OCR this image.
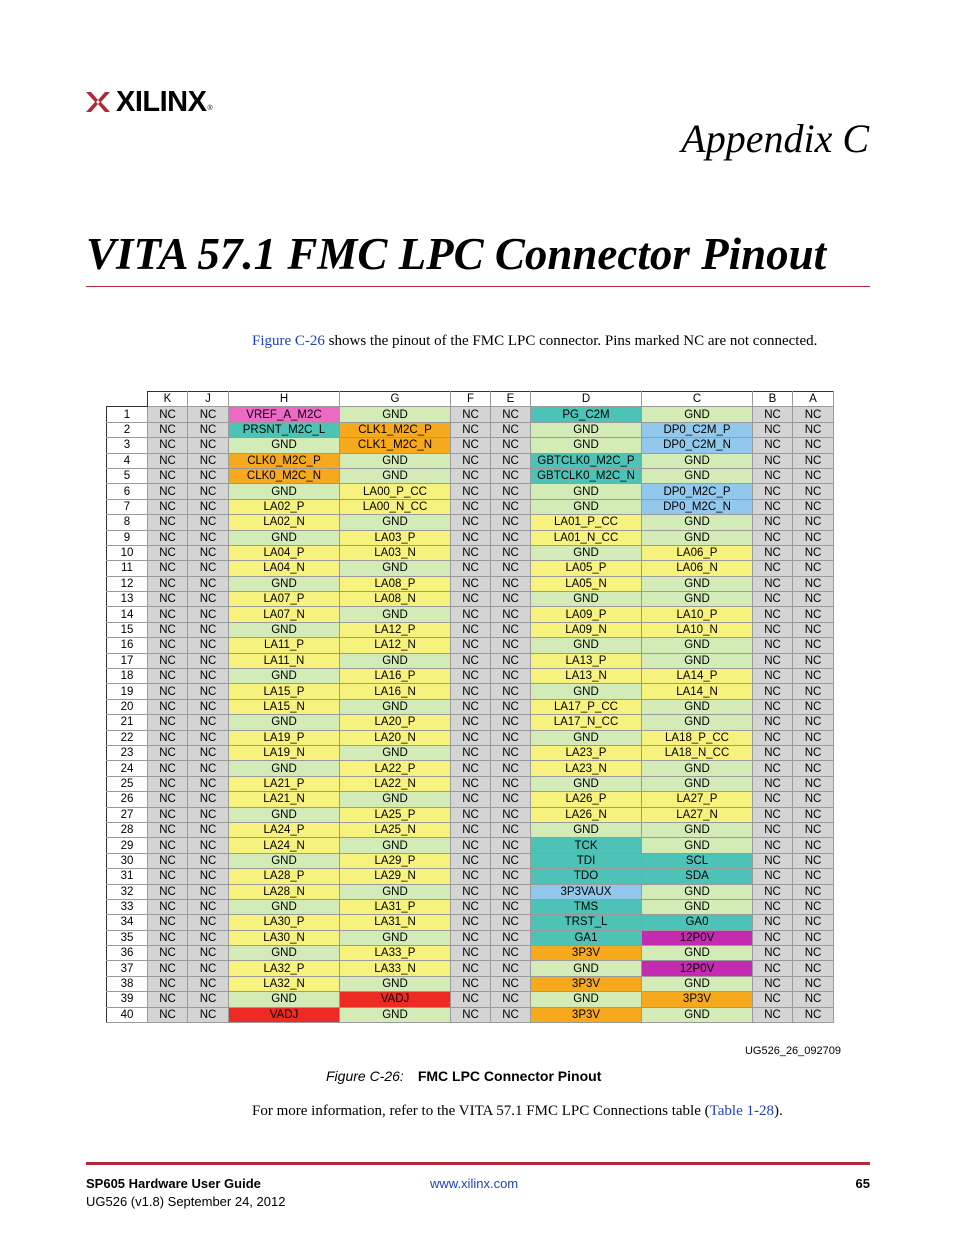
XILINX ®
Appendix C
VITA 57.1 FMC LPC Connector Pinout
Figure C-26 shows the pinout of the FMC LPC connector. Pins marked NC are not connected.
	K	J	H	G	F	E	D	C	B	A
1	NC	NC	VREF_A_M2C	GND	NC	NC	PG_C2M	GND	NC	NC
2	NC	NC	PRSNT_M2C_L	CLK1_M2C_P	NC	NC	GND	DP0_C2M_P	NC	NC
3	NC	NC	GND	CLK1_M2C_N	NC	NC	GND	DP0_C2M_N	NC	NC
4	NC	NC	CLK0_M2C_P	GND	NC	NC	GBTCLK0_M2C_P	GND	NC	NC
5	NC	NC	CLK0_M2C_N	GND	NC	NC	GBTCLK0_M2C_N	GND	NC	NC
6	NC	NC	GND	LA00_P_CC	NC	NC	GND	DP0_M2C_P	NC	NC
7	NC	NC	LA02_P	LA00_N_CC	NC	NC	GND	DP0_M2C_N	NC	NC
8	NC	NC	LA02_N	GND	NC	NC	LA01_P_CC	GND	NC	NC
9	NC	NC	GND	LA03_P	NC	NC	LA01_N_CC	GND	NC	NC
10	NC	NC	LA04_P	LA03_N	NC	NC	GND	LA06_P	NC	NC
11	NC	NC	LA04_N	GND	NC	NC	LA05_P	LA06_N	NC	NC
12	NC	NC	GND	LA08_P	NC	NC	LA05_N	GND	NC	NC
13	NC	NC	LA07_P	LA08_N	NC	NC	GND	GND	NC	NC
14	NC	NC	LA07_N	GND	NC	NC	LA09_P	LA10_P	NC	NC
15	NC	NC	GND	LA12_P	NC	NC	LA09_N	LA10_N	NC	NC
16	NC	NC	LA11_P	LA12_N	NC	NC	GND	GND	NC	NC
17	NC	NC	LA11_N	GND	NC	NC	LA13_P	GND	NC	NC
18	NC	NC	GND	LA16_P	NC	NC	LA13_N	LA14_P	NC	NC
19	NC	NC	LA15_P	LA16_N	NC	NC	GND	LA14_N	NC	NC
20	NC	NC	LA15_N	GND	NC	NC	LA17_P_CC	GND	NC	NC
21	NC	NC	GND	LA20_P	NC	NC	LA17_N_CC	GND	NC	NC
22	NC	NC	LA19_P	LA20_N	NC	NC	GND	LA18_P_CC	NC	NC
23	NC	NC	LA19_N	GND	NC	NC	LA23_P	LA18_N_CC	NC	NC
24	NC	NC	GND	LA22_P	NC	NC	LA23_N	GND	NC	NC
25	NC	NC	LA21_P	LA22_N	NC	NC	GND	GND	NC	NC
26	NC	NC	LA21_N	GND	NC	NC	LA26_P	LA27_P	NC	NC
27	NC	NC	GND	LA25_P	NC	NC	LA26_N	LA27_N	NC	NC
28	NC	NC	LA24_P	LA25_N	NC	NC	GND	GND	NC	NC
29	NC	NC	LA24_N	GND	NC	NC	TCK	GND	NC	NC
30	NC	NC	GND	LA29_P	NC	NC	TDI	SCL	NC	NC
31	NC	NC	LA28_P	LA29_N	NC	NC	TDO	SDA	NC	NC
32	NC	NC	LA28_N	GND	NC	NC	3P3VAUX	GND	NC	NC
33	NC	NC	GND	LA31_P	NC	NC	TMS	GND	NC	NC
34	NC	NC	LA30_P	LA31_N	NC	NC	TRST_L	GA0	NC	NC
35	NC	NC	LA30_N	GND	NC	NC	GA1	12P0V	NC	NC
36	NC	NC	GND	LA33_P	NC	NC	3P3V	GND	NC	NC
37	NC	NC	LA32_P	LA33_N	NC	NC	GND	12P0V	NC	NC
38	NC	NC	LA32_N	GND	NC	NC	3P3V	GND	NC	NC
39	NC	NC	GND	VADJ	NC	NC	GND	3P3V	NC	NC
40	NC	NC	VADJ	GND	NC	NC	3P3V	GND	NC	NC
UG526_26_092709
Figure C-26: FMC LPC Connector Pinout
For more information, refer to the VITA 57.1 FMC LPC Connections table (Table 1-28).
SP605 Hardware User Guide
UG526 (v1.8) September 24, 2012
www.xilinx.com	65
